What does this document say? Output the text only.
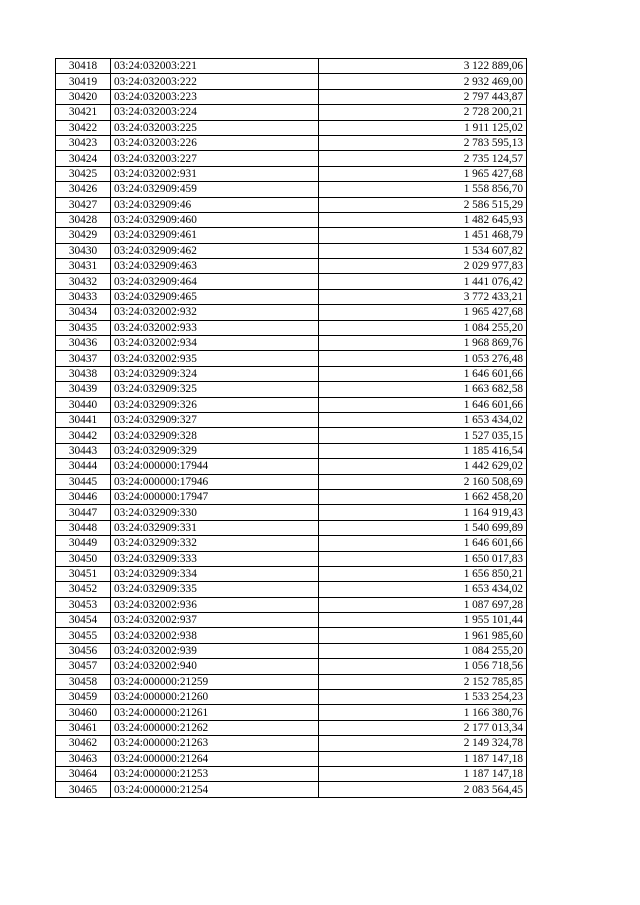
30418	03:24:032003:221	3 122 889,06
30419	03:24:032003:222	2 932 469,00
30420	03:24:032003:223	2 797 443,87
30421	03:24:032003:224	2 728 200,21
30422	03:24:032003:225	1 911 125,02
30423	03:24:032003:226	2 783 595,13
30424	03:24:032003:227	2 735 124,57
30425	03:24:032002:931	1 965 427,68
30426	03:24:032909:459	1 558 856,70
30427	03:24:032909:46	2 586 515,29
30428	03:24:032909:460	1 482 645,93
30429	03:24:032909:461	1 451 468,79
30430	03:24:032909:462	1 534 607,82
30431	03:24:032909:463	2 029 977,83
30432	03:24:032909:464	1 441 076,42
30433	03:24:032909:465	3 772 433,21
30434	03:24:032002:932	1 965 427,68
30435	03:24:032002:933	1 084 255,20
30436	03:24:032002:934	1 968 869,76
30437	03:24:032002:935	1 053 276,48
30438	03:24:032909:324	1 646 601,66
30439	03:24:032909:325	1 663 682,58
30440	03:24:032909:326	1 646 601,66
30441	03:24:032909:327	1 653 434,02
30442	03:24:032909:328	1 527 035,15
30443	03:24:032909:329	1 185 416,54
30444	03:24:000000:17944	1 442 629,02
30445	03:24:000000:17946	2 160 508,69
30446	03:24:000000:17947	1 662 458,20
30447	03:24:032909:330	1 164 919,43
30448	03:24:032909:331	1 540 699,89
30449	03:24:032909:332	1 646 601,66
30450	03:24:032909:333	1 650 017,83
30451	03:24:032909:334	1 656 850,21
30452	03:24:032909:335	1 653 434,02
30453	03:24:032002:936	1 087 697,28
30454	03:24:032002:937	1 955 101,44
30455	03:24:032002:938	1 961 985,60
30456	03:24:032002:939	1 084 255,20
30457	03:24:032002:940	1 056 718,56
30458	03:24:000000:21259	2 152 785,85
30459	03:24:000000:21260	1 533 254,23
30460	03:24:000000:21261	1 166 380,76
30461	03:24:000000:21262	2 177 013,34
30462	03:24:000000:21263	2 149 324,78
30463	03:24:000000:21264	1 187 147,18
30464	03:24:000000:21253	1 187 147,18
30465	03:24:000000:21254	2 083 564,45
